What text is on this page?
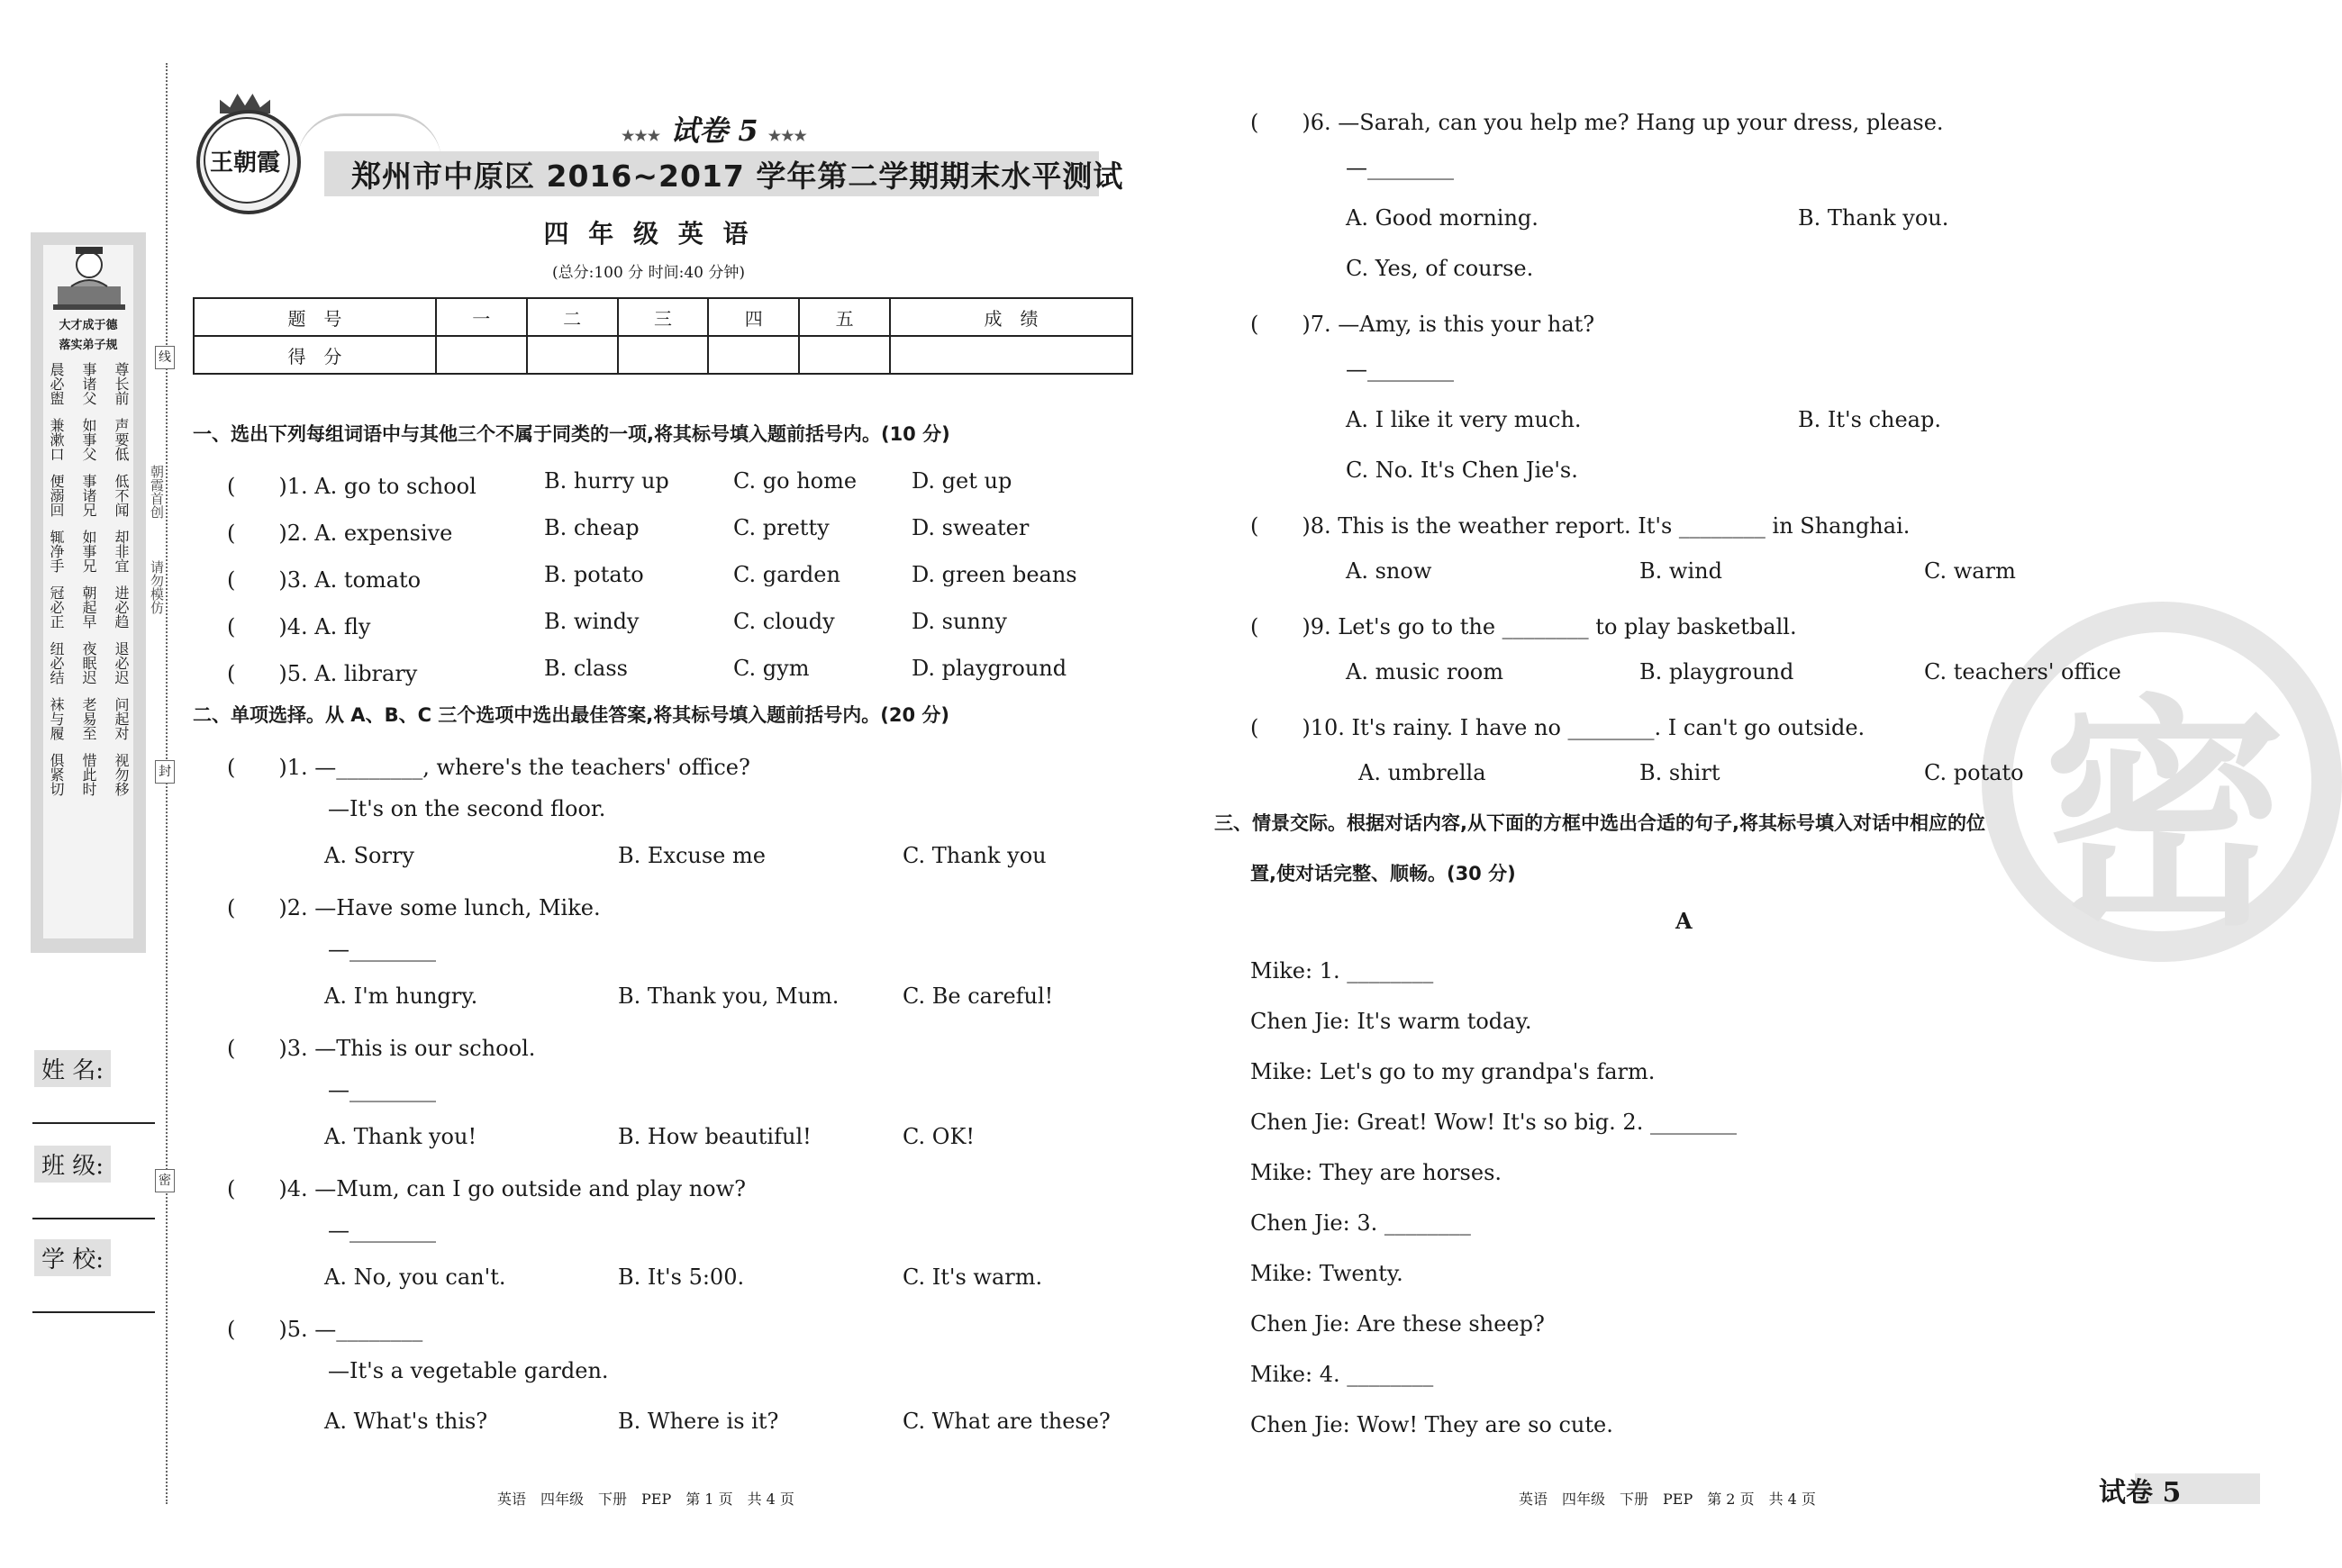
大才成于德
落实弟子规
晨必盥 事诸父 尊长前
兼漱口 如事父 声要低
便溺回 事诸兄 低不闻
辄净手 如事兄 却非宜
冠必正 朝起早 进必趋
纽必结 夜眠迟 退必迟
袜与履 老易至 问起对
俱紧切 惜此时 视勿移
线
封
密
朝霞首创
请勿模仿
姓 名:
班 级:
学 校:
王朝霞
★★★ 试卷 5 ★★★
郑州市中原区 2016~2017 学年第二学期期末水平测试
四 年 级 英 语
(总分:100 分 时间:40 分钟)
题　号	一	二	三	四	五	成　绩
得　分						
一、选出下列每组词语中与其他三个不属于同类的一项,将其标号填入题前括号内。(10 分)
(　　)1. A. go to school	B. hurry up	C. go home	D. get up
(　　)2. A. expensive	B. cheap	C. pretty	D. sweater
(　　)3. A. tomato	B. potato	C. garden	D. green beans
(　　)4. A. fly	B. windy	C. cloudy	D. sunny
(　　)5. A. library	B. class	C. gym	D. playground
二、单项选择。从 A、B、C 三个选项中选出最佳答案,将其标号填入题前括号内。(20 分)
(　　)1. —________, where's the teachers' office?
—It's on the second floor.
A. Sorry	B. Excuse me	C. Thank you
(　　)2. —Have some lunch, Mike.
—________
A. I'm hungry.	B. Thank you, Mum.	C. Be careful!
(　　)3. —This is our school.
—________
A. Thank you!	B. How beautiful!	C. OK!
(　　)4. —Mum, can I go outside and play now?
—________
A. No, you can't.	B. It's 5:00.	C. It's warm.
(　　)5. —________
—It's a vegetable garden.
A. What's this?	B. Where is it?	C. What are these?
英语　四年级　下册　PEP　第 1 页　共 4 页
密
(　　)6. —Sarah, can you help me? Hang up your dress, please.
—________
A. Good morning.	B. Thank you.
C. Yes, of course.
(　　)7. —Amy, is this your hat?
—________
A. I like it very much.	B. It's cheap.
C. No. It's Chen Jie's.
(　　)8. This is the weather report. It's ________ in Shanghai.
A. snow	B. wind	C. warm
(　　)9. Let's go to the ________ to play basketball.
A. music room	B. playground	C. teachers' office
(　　)10. It's rainy. I have no ________. I can't go outside.
A. umbrella	B. shirt	C. potato
三、情景交际。根据对话内容,从下面的方框中选出合适的句子,将其标号填入对话中相应的位
置,使对话完整、顺畅。(30 分)
A
Mike: 1. ________
Chen Jie: It's warm today.
Mike: Let's go to my grandpa's farm.
Chen Jie: Great! Wow! It's so big. 2. ________
Mike: They are horses.
Chen Jie: 3. ________
Mike: Twenty.
Chen Jie: Are these sheep?
Mike: 4. ________
Chen Jie: Wow! They are so cute.
英语　四年级　下册　PEP　第 2 页　共 4 页	试卷 5
